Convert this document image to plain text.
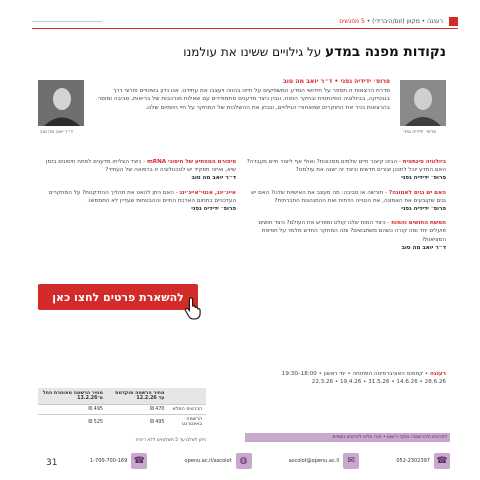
רעננה • מקוון (זום/היברידי) • 5 מפגשים
נקודות מפנה במדע על גילויים ששינו את עולמנו
פרופ׳ ידידיה גפני
ד״ר יואב מה טוב
פרופ׳ ידידיה גפני • ד״ר יואב מה טוב
סדרת הרצאות זו תספר על חידושי המדע המשפיעים על חיינו בהווה ויעצבו את עתידנו. אנו נדון בשינויים פורצי דרך בגנטיקה, בביולוגיה הסינתטית ובחקר המוח, ונבין כיצד מדענים מתמודדים עם שאלות מורכבות של בריאות, סביבה ומוסר. בהרצאות נכיר את החוקרים שמאחורי הגילויים, ונבחן את ההשלכות של המחקר על חיי היומיום שלנו.

ביולוגיה סינתטית - הבינו קיצור חיים שלמים ממכונות? ואולי אף ליצור חיים מעבדה? האם המדע יוכל לתכנן יצורים חדשים וכיצד זה ישנה את עולמנו?
פרופ׳ ידידיה גפני

האם יש גנים לאמונה? - תורשה או סביבה: מה מעצב את האישיות שלנו? האם יש גנים שקובעים את האמונה, את הנטייה הדתית ואת ההתנהגות החברתית?
פרופ׳ ידידיה גפני

חמשת החושים והמוח - כיצד המוח שלנו קולט ומפרש את העולם? כיצד חושים פועלים יחד ומה קורה כשהם משתבשים? ומה המחקר החדש מלמד על תפיסת המציאות?
ד״ר יואב מה טוב

סיפורם המפתיע של חיסוני mRNA - כיצד הצליחו מדענים לפתח חיסונים בזמן שיא, ואיזה תפקיד יש לטכנולוגיה זו ברפואה של העתיד?
ד״ר יואב מה טוב

אייג׳ינג, אנטי־אייג׳ינג - האם ניתן להאט את תהליך ההזדקנות? על המחקרים העדכניים בתחום הארכת החיים וההבטחות שעדיין לא התממשו.
פרופ׳ ידידיה גפני

להשארת פרטים לחצו כאן
רעננה • קמפוס האוניברסיטה הפתוחה • ימי ראשון • 18:00–19:30
28.6.26 • 14.6.26 • 31.5.26 • 19.4.26 • 22.3.26
	מחיר הרשמה מוקדמת עד 12.2.26	מחיר הרשמה מאוחרת החל מ־13.2.26
הכרטיס המלא	470 ₪	495 ₪
הרשמה באינטרנט	495 ₪	525 ₪
ניתן לשלם עד 5 תשלומים ללא ריבית
לפרטים ולהרשמה: מוקד רישום • פנה אלינו לפרטים נוספים
☎
052-2302397
✉
ascolot@openu.ac.il
◍
openu.ac.il/ascolot
☎
1-700-700-169
31
